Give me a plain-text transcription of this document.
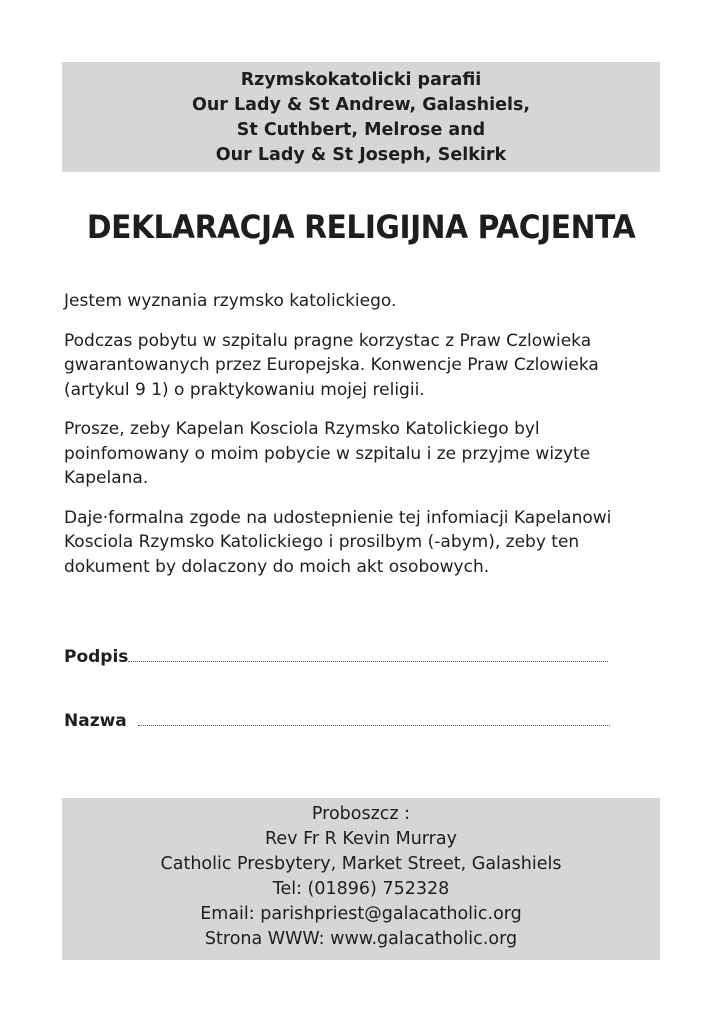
Rzymskokatolicki parafii
Our Lady & St Andrew, Galashiels,
St Cuthbert, Melrose and
Our Lady & St Joseph, Selkirk
DEKLARACJA RELIGIJNA PACJENTA

Jestem wyznania rzymsko katolickiego.

Podczas pobytu w szpitalu pragne korzystac z Praw Czlowieka
gwarantowanych przez Europejska. Konwencje Praw Czlowieka
(artykul 9 1) o praktykowaniu mojej religii.

Prosze, zeby Kapelan Kosciola Rzymsko Katolickiego byl
poinfomowany o moim pobycie w szpitalu i ze przyjme wizyte
Kapelana.

Daje·formalna zgode na udostepnienie tej infomiacji Kapelanowi
Kosciola Rzymsko Katolickiego i prosilbym (-abym), zeby ten
dokument by dolaczony do moich akt osobowych.

Podpis
Nazwa
Proboszcz :
Rev Fr R Kevin Murray
Catholic Presbytery, Market Street, Galashiels
Tel: (01896) 752328
Email: parishpriest@galacatholic.org
Strona WWW: www.galacatholic.org
